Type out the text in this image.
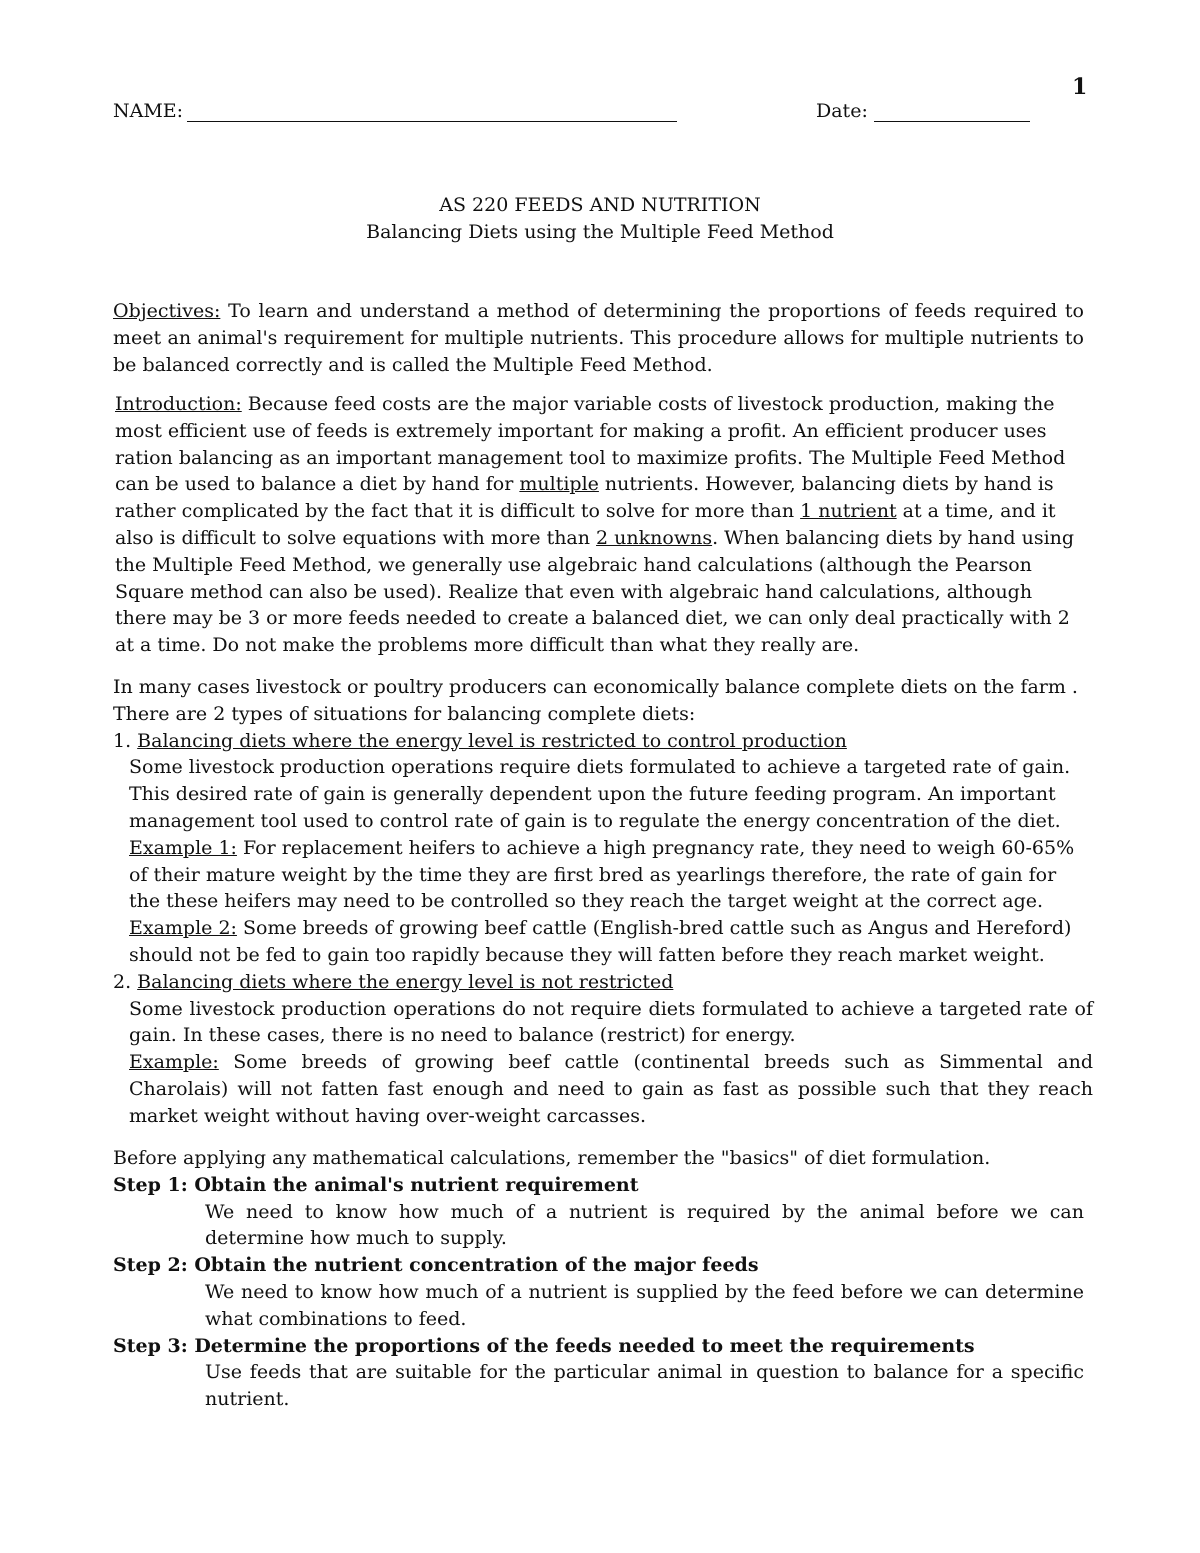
1
NAME:	Date:
AS 220 FEEDS AND NUTRITION
Balancing Diets using the Multiple Feed Method
Objectives: To learn and understand a method of determining the proportions of feeds required to meet an animal's requirement for multiple nutrients. This procedure allows for multiple nutrients to be balanced correctly and is called the Multiple Feed Method.
Introduction: Because feed costs are the major variable costs of livestock production, making the most efficient use of feeds is extremely important for making a profit. An efficient producer uses ration balancing as an important management tool to maximize profits. The Multiple Feed Method can be used to balance a diet by hand for multiple nutrients. However, balancing diets by hand is rather complicated by the fact that it is difficult to solve for more than 1 nutrient at a time, and it also is difficult to solve equations with more than 2 unknowns. When balancing diets by hand using the Multiple Feed Method, we generally use algebraic hand calculations (although the Pearson Square method can also be used). Realize that even with algebraic hand calculations, although there may be 3 or more feeds needed to create a balanced diet, we can only deal practically with 2 at a time. Do not make the problems more difficult than what they really are.

In many cases livestock or poultry producers can economically balance complete diets on the farm . There are 2 types of situations for balancing complete diets:

1. Balancing diets where the energy level is restricted to control production

Some livestock production operations require diets formulated to achieve a targeted rate of gain. This desired rate of gain is generally dependent upon the future feeding program. An important management tool used to control rate of gain is to regulate the energy concentration of the diet.

Example 1: For replacement heifers to achieve a high pregnancy rate, they need to weigh 60-65% of their mature weight by the time they are first bred as yearlings therefore, the rate of gain for the these heifers may need to be controlled so they reach the target weight at the correct age.

Example 2: Some breeds of growing beef cattle (English-bred cattle such as Angus and Hereford) should not be fed to gain too rapidly because they will fatten before they reach market weight.

2. Balancing diets where the energy level is not restricted

Some livestock production operations do not require diets formulated to achieve a targeted rate of gain. In these cases, there is no need to balance (restrict) for energy.

Example: Some breeds of growing beef cattle (continental breeds such as Simmental and Charolais) will not fatten fast enough and need to gain as fast as possible such that they reach market weight without having over-weight carcasses.

Before applying any mathematical calculations, remember the "basics" of diet formulation.

Step 1: Obtain the animal's nutrient requirement

We need to know how much of a nutrient is required by the animal before we can determine how much to supply.

Step 2: Obtain the nutrient concentration of the major feeds

We need to know how much of a nutrient is supplied by the feed before we can determine what combinations to feed.

Step 3: Determine the proportions of the feeds needed to meet the requirements

Use feeds that are suitable for the particular animal in question to balance for a specific nutrient.
